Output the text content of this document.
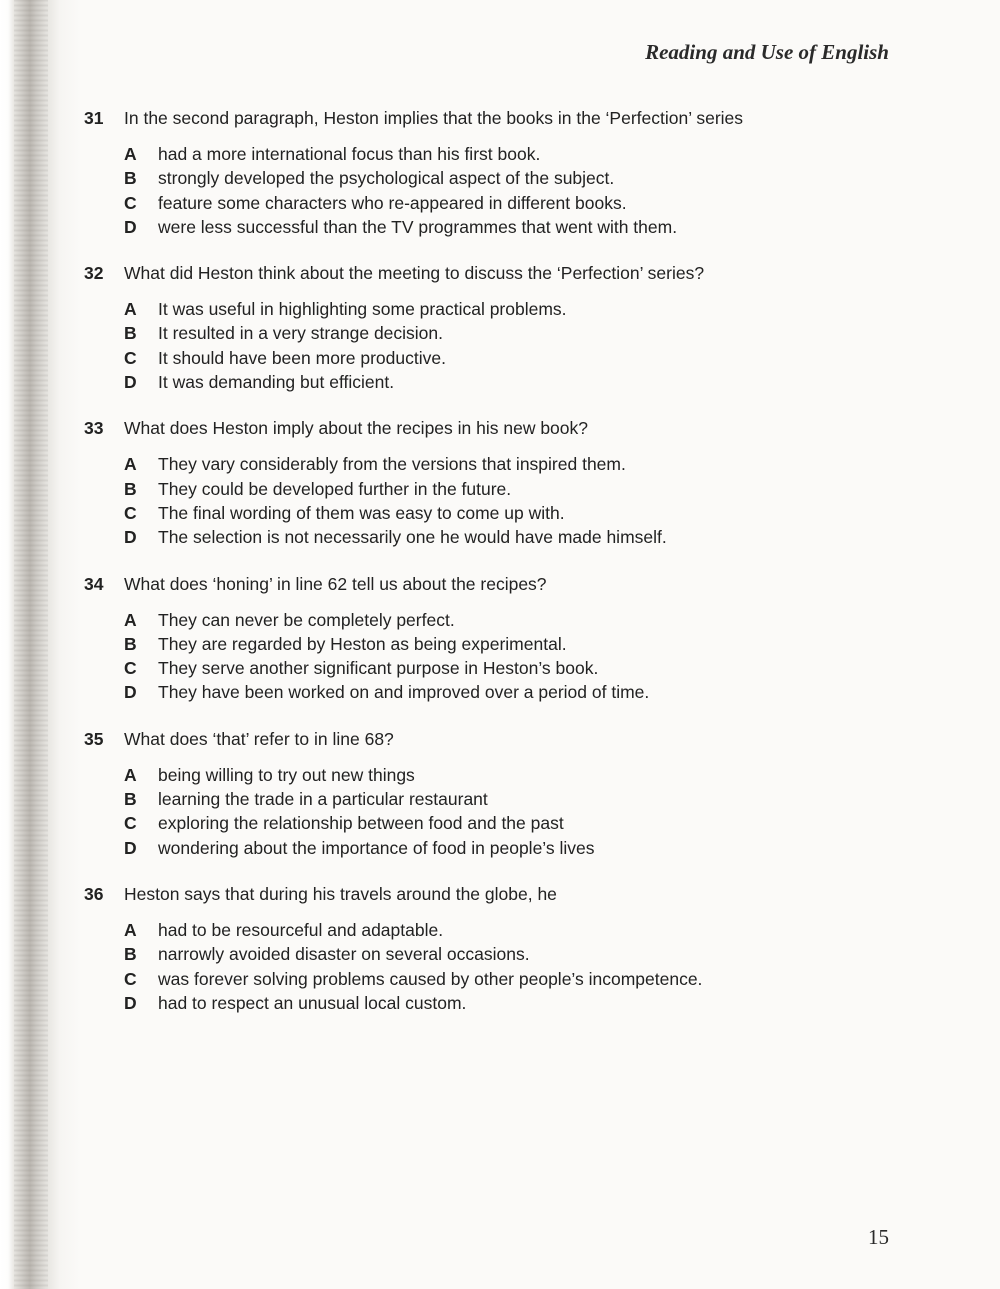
Reading and Use of English
31	In the second paragraph, Heston implies that the books in the ‘Perfection’ series
A	had a more international focus than his first book.
B	strongly developed the psychological aspect of the subject.
C	feature some characters who re-appeared in different books.
D	were less successful than the TV programmes that went with them.
32	What did Heston think about the meeting to discuss the ‘Perfection’ series?
A	It was useful in highlighting some practical problems.
B	It resulted in a very strange decision.
C	It should have been more productive.
D	It was demanding but efficient.
33	What does Heston imply about the recipes in his new book?
A	They vary considerably from the versions that inspired them.
B	They could be developed further in the future.
C	The final wording of them was easy to come up with.
D	The selection is not necessarily one he would have made himself.
34	What does ‘honing’ in line 62 tell us about the recipes?
A	They can never be completely perfect.
B	They are regarded by Heston as being experimental.
C	They serve another significant purpose in Heston’s book.
D	They have been worked on and improved over a period of time.
35	What does ‘that’ refer to in line 68?
A	being willing to try out new things
B	learning the trade in a particular restaurant
C	exploring the relationship between food and the past
D	wondering about the importance of food in people’s lives
36	Heston says that during his travels around the globe, he
A	had to be resourceful and adaptable.
B	narrowly avoided disaster on several occasions.
C	was forever solving problems caused by other people’s incompetence.
D	had to respect an unusual local custom.
15
